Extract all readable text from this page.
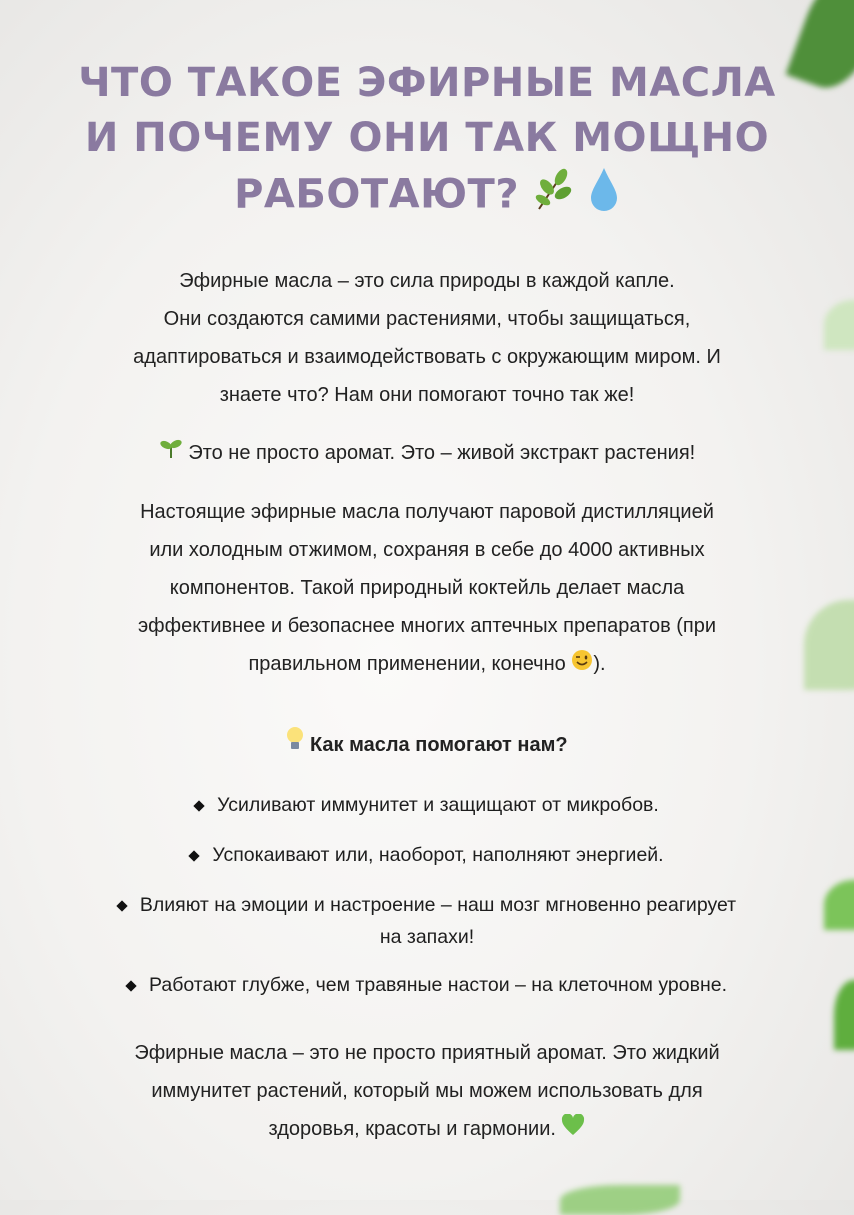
ЧТО ТАКОЕ ЭФИРНЫЕ МАСЛА
И ПОЧЕМУ ОНИ ТАК МОЩНО
РАБОТАЮТ?
Эфирные масла – это сила природы в каждой капле.
Они создаются самими растениями, чтобы защищаться,
адаптироваться и взаимодействовать с окружающим миром. И
знаете что? Нам они помогают точно так же!
Это не просто аромат. Это – живой экстракт растения!
Настоящие эфирные масла получают паровой дистилляцией
или холодным отжимом, сохраняя в себе до 4000 активных
компонентов. Такой природный коктейль делает масла
эффективнее и безопаснее многих аптечных препаратов (при
правильном применении, конечно ).
Как масла помогают нам?
Усиливают иммунитет и защищают от микробов.
Успокаивают или, наоборот, наполняют энергией.
Влияют на эмоции и настроение – наш мозг мгновенно реагирует
на запахи!
Работают глубже, чем травяные настои – на клеточном уровне.
Эфирные масла – это не просто приятный аромат. Это жидкий
иммунитет растений, который мы можем использовать для
здоровья, красоты и гармонии.
